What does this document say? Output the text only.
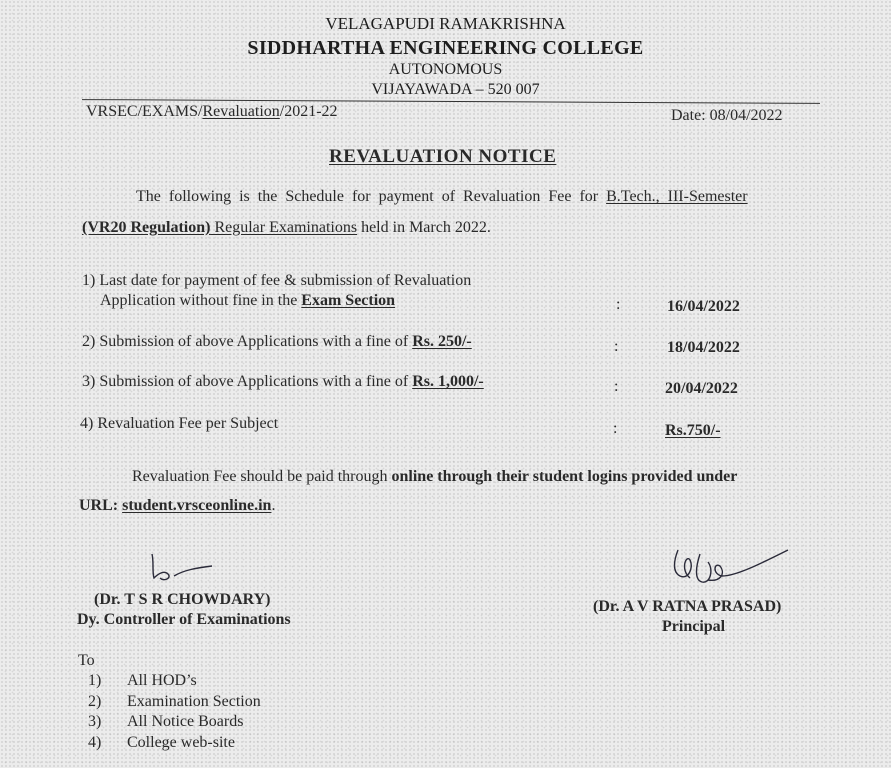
VELAGAPUDI RAMAKRISHNA
SIDDHARTHA ENGINEERING COLLEGE
AUTONOMOUS
VIJAYAWADA – 520 007
VRSEC/EXAMS/Revaluation/2021-22	Date: 08/04/2022
REVALUATION NOTICE
The following is the Schedule for payment of Revaluation Fee for B.Tech., III-Semester
(VR20 Regulation) Regular Examinations held in March 2022.
1) Last date for payment of fee & submission of Revaluation
Application without fine in the Exam Section	:	16/04/2022
2) Submission of above Applications with a fine of Rs. 250/-	:	18/04/2022
3) Submission of above Applications with a fine of Rs. 1,000/-	:	20/04/2022
4) Revaluation Fee per Subject	:	Rs.750/-
Revaluation Fee should be paid through online through their student logins provided under
URL: student.vrsceonline.in.
(Dr. T S R CHOWDARY)
Dy. Controller of Examinations
(Dr. A V RATNA PRASAD)
Principal
To
1) All HOD’s
2) Examination Section
3) All Notice Boards
4) College web-site
